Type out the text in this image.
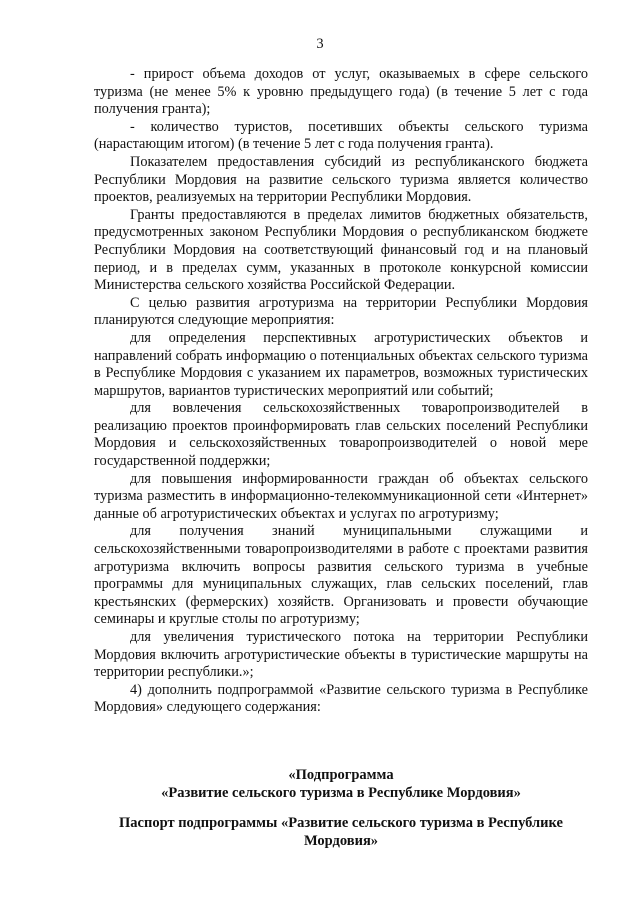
3

- прирост объема доходов от услуг, оказываемых в сфере сельского туризма (не менее 5% к уровню предыдущего года) (в течение 5 лет с года получения гранта);

- количество туристов, посетивших объекты сельского туризма (нарастающим итогом) (в течение 5 лет с года получения гранта).

Показателем предоставления субсидий из республиканского бюджета Республики Мордовия на развитие сельского туризма является количество проектов, реализуемых на территории Республики Мордовия.

Гранты предоставляются в пределах лимитов бюджетных обязательств, предусмотренных законом Республики Мордовия о республиканском бюджете Республики Мордовия на соответствующий финансовый год и на плановый период, и в пределах сумм, указанных в протоколе конкурсной комиссии Министерства сельского хозяйства Российской Федерации.

С целью развития агротуризма на территории Республики Мордовия планируются следующие мероприятия:

для определения перспективных агротуристических объектов и направлений собрать информацию о потенциальных объектах сельского туризма в Республике Мордовия с указанием их параметров, возможных туристических маршрутов, вариантов туристических мероприятий или событий;

для вовлечения сельскохозяйственных товаропроизводителей в реализацию проектов проинформировать глав сельских поселений Республики Мордовия и сельскохозяйственных товаропроизводителей о новой мере государственной поддержки;

для повышения информированности граждан об объектах сельского туризма разместить в информационно-телекоммуникационной сети «Интернет» данные об агротуристических объектах и услугах по агротуризму;

для получения знаний муниципальными служащими и сельскохозяйственными товаропроизводителями в работе с проектами развития агротуризма включить вопросы развития сельского туризма в учебные программы для муниципальных служащих, глав сельских поселений, глав крестьянских (фермерских) хозяйств. Организовать и провести обучающие семинары и круглые столы по агротуризму;

для увеличения туристического потока на территории Республики Мордовия включить агротуристические объекты в туристические маршруты на территории республики.»;

4) дополнить подпрограммой «Развитие сельского туризма в Республике Мордовия» следующего содержания:

«Подпрограмма
«Развитие сельского туризма в Республике Мордовия»
Паспорт подпрограммы «Развитие сельского туризма в Республике Мордовия»
